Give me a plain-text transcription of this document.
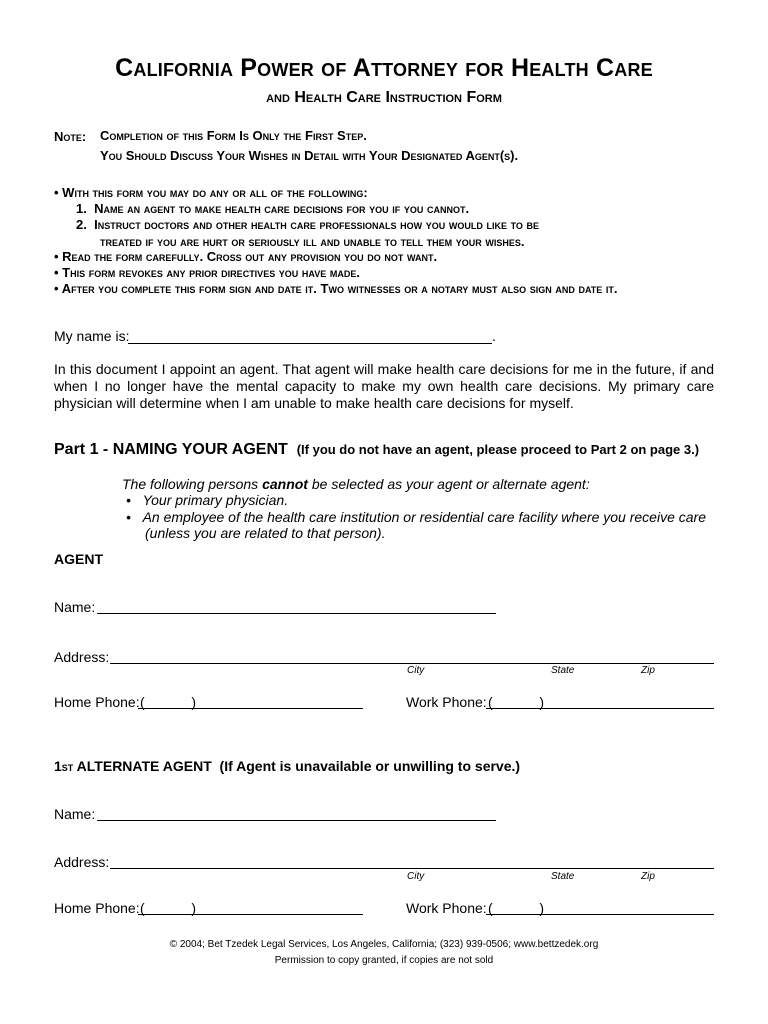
California Power of Attorney for Health Care
and Health Care Instruction Form
Note: Completion of this Form Is Only the First Step.
You Should Discuss Your Wishes in Detail with Your Designated Agent(s).
• With this form you may do any or all of the following:
1. Name an agent to make health care decisions for you if you cannot.
2. Instruct doctors and other health care professionals how you would like to be
treated if you are hurt or seriously ill and unable to tell them your wishes.
• Read the form carefully. Cross out any provision you do not want.
• This form revokes any prior directives you have made.
• After you complete this form sign and date it. Two witnesses or a notary must also sign and date it.
My name is:	.
In this document I appoint an agent. That agent will make health care decisions for me in the future, if and when I no longer have the mental capacity to make my own health care decisions. My primary care physician will determine when I am unable to make health care decisions for myself.
Part 1 - NAMING YOUR AGENT (If you do not have an agent, please proceed to Part 2 on page 3.)
The following persons cannot be selected as your agent or alternate agent:
•   Your primary physician.
•   An employee of the health care institution or residential care facility where you receive care
(unless you are related to that person).
AGENT
Name:
Address:
City	State	Zip
Home Phone: (            )	Work Phone: (            )
1ST ALTERNATE AGENT (If Agent is unavailable or unwilling to serve.)
Name:
Address:
City	State	Zip
Home Phone: (            )	Work Phone: (            )
© 2004; Bet Tzedek Legal Services, Los Angeles, California; (323) 939-0506; www.bettzedek.org
Permission to copy granted, if copies are not sold
